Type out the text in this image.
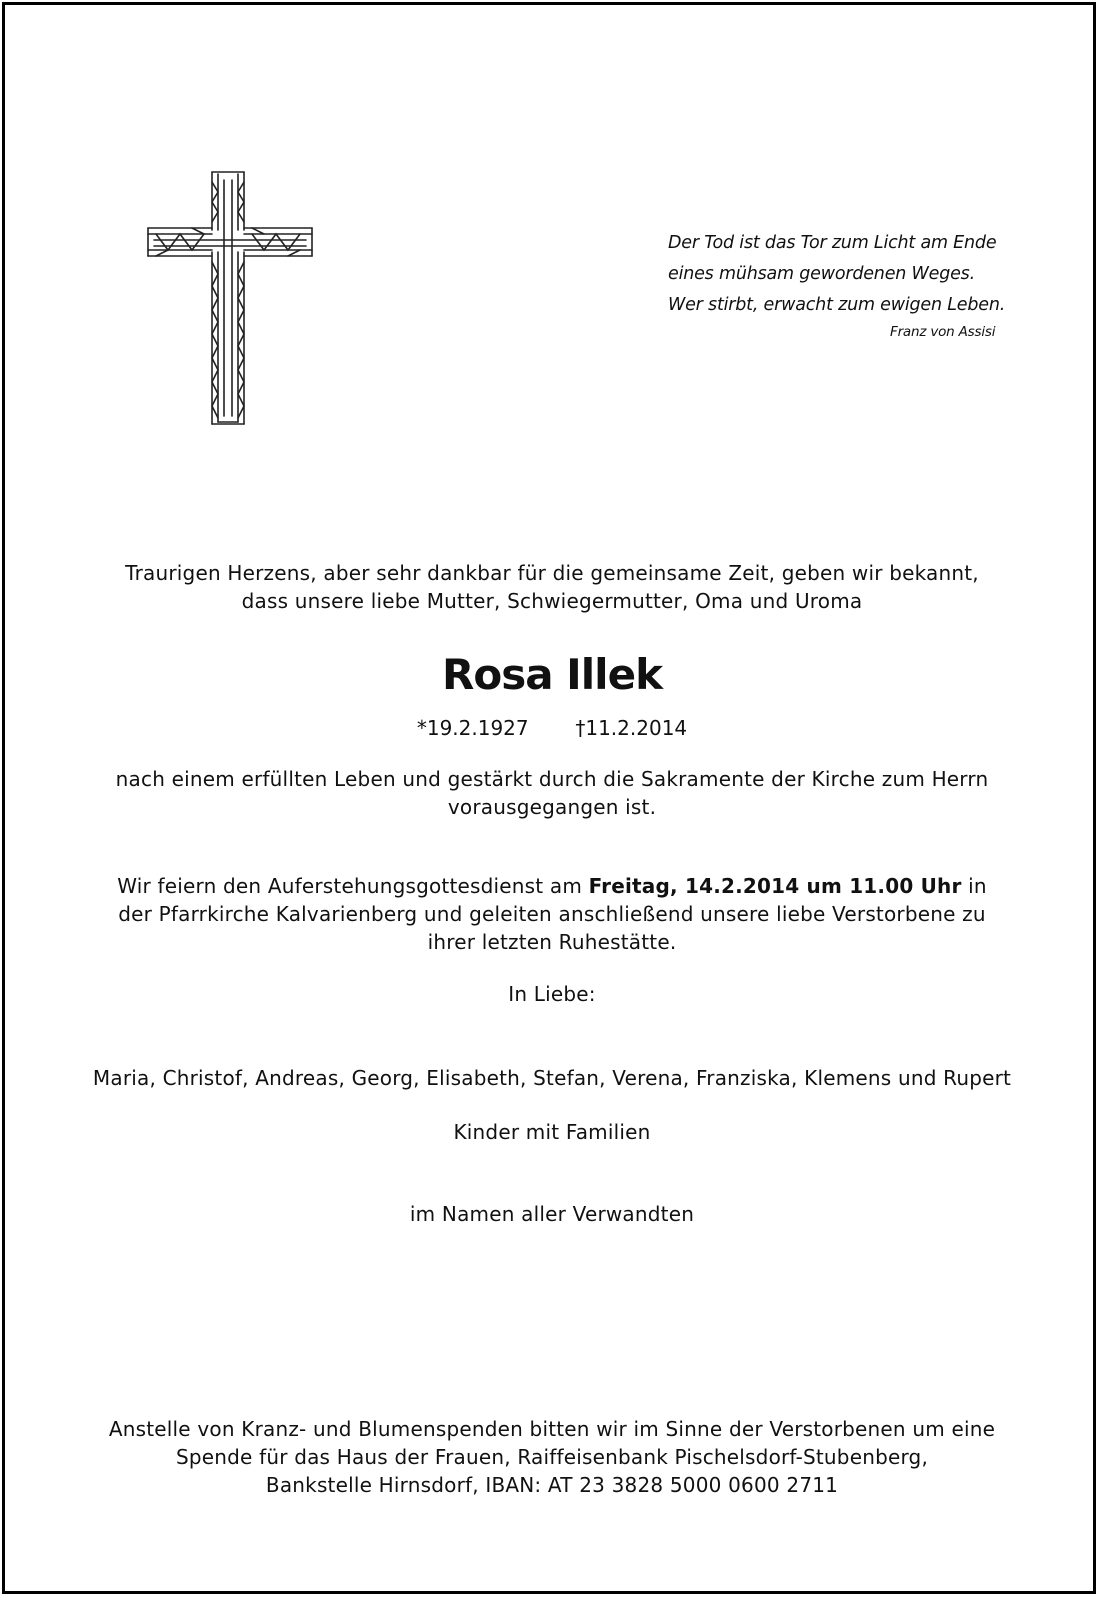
Der Tod ist das Tor zum Licht am Ende
eines mühsam gewordenen Weges.
Wer stirbt, erwacht zum ewigen Leben.
Franz von Assisi
Traurigen Herzens, aber sehr dankbar für die gemeinsame Zeit, geben wir bekannt,
dass unsere liebe Mutter, Schwiegermutter, Oma und Uroma
Rosa Illek
*19.2.1927 †11.2.2014
nach einem erfüllten Leben und gestärkt durch die Sakramente der Kirche zum Herrn
vorausgegangen ist.
Wir feiern den Auferstehungsgottesdienst am Freitag, 14.2.2014 um 11.00 Uhr in
der Pfarrkirche Kalvarienberg und geleiten anschließend unsere liebe Verstorbene zu
ihrer letzten Ruhestätte.
In Liebe:
Maria, Christof, Andreas, Georg, Elisabeth, Stefan, Verena, Franziska, Klemens und Rupert
Kinder mit Familien
im Namen aller Verwandten
Anstelle von Kranz- und Blumenspenden bitten wir im Sinne der Verstorbenen um eine
Spende für das Haus der Frauen, Raiffeisenbank Pischelsdorf-Stubenberg,
Bankstelle Hirnsdorf, IBAN: AT 23 3828 5000 0600 2711
